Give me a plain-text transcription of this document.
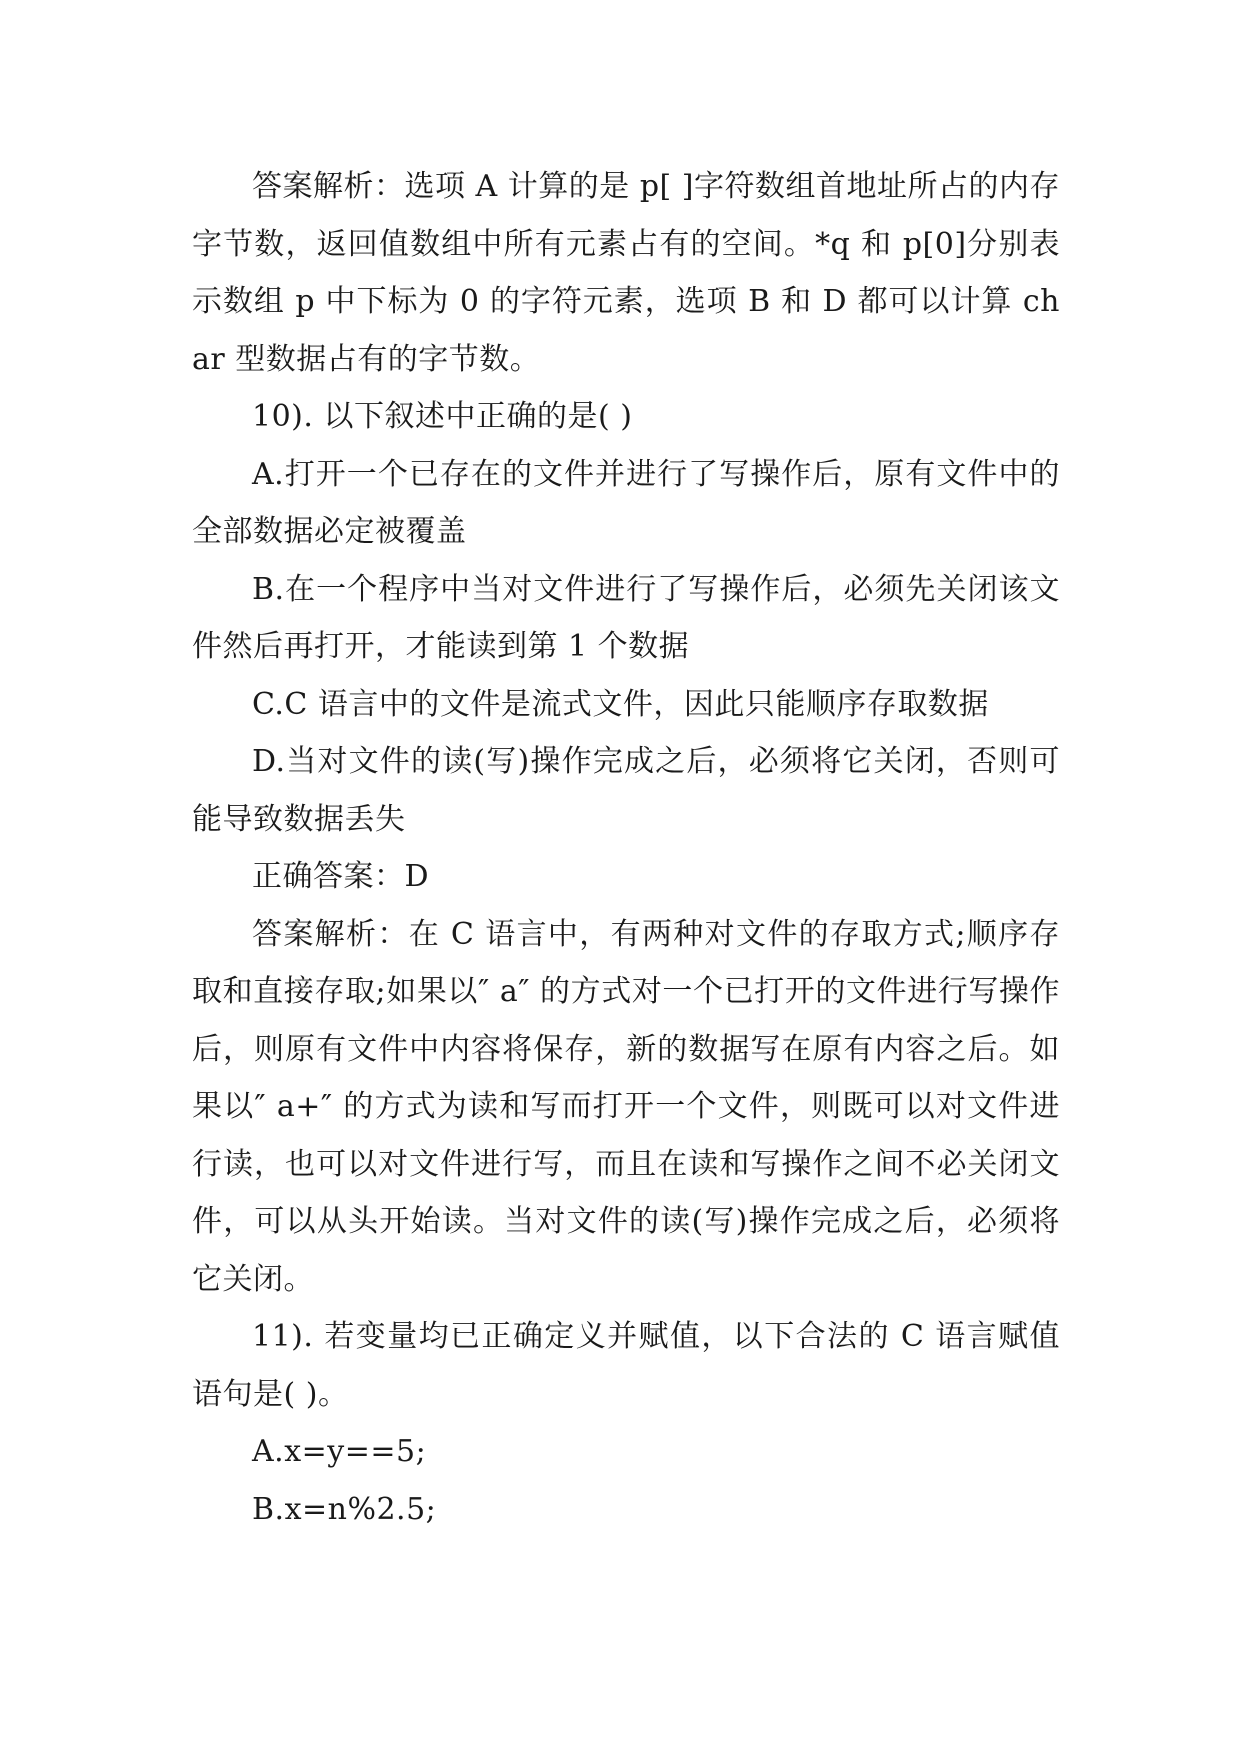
答案解析：选项 A 计算的是 p[ ]字符数组首地址所占的内存字节数，返回值数组中所有元素占有的空间。*q 和 p[0]分别表示数组 p 中下标为 0 的字符元素，选项 B 和 D 都可以计算 char 型数据占有的字节数。

10). 以下叙述中正确的是( )

A.打开一个已存在的文件并进行了写操作后，原有文件中的全部数据必定被覆盖

B.在一个程序中当对文件进行了写操作后，必须先关闭该文件然后再打开，才能读到第 1 个数据

C.C 语言中的文件是流式文件，因此只能顺序存取数据

D.当对文件的读(写)操作完成之后，必须将它关闭，否则可能导致数据丢失

正确答案：D

答案解析：在 C 语言中，有两种对文件的存取方式;顺序存取和直接存取;如果以″ a″ 的方式对一个已打开的文件进行写操作后，则原有文件中内容将保存，新的数据写在原有内容之后。如果以″ a+″ 的方式为读和写而打开一个文件，则既可以对文件进行读，也可以对文件进行写，而且在读和写操作之间不必关闭文件，可以从头开始读。当对文件的读(写)操作完成之后，必须将它关闭。

11). 若变量均已正确定义并赋值，以下合法的 C 语言赋值语句是( )。

A.x=y==5;

B.x=n%2.5;
